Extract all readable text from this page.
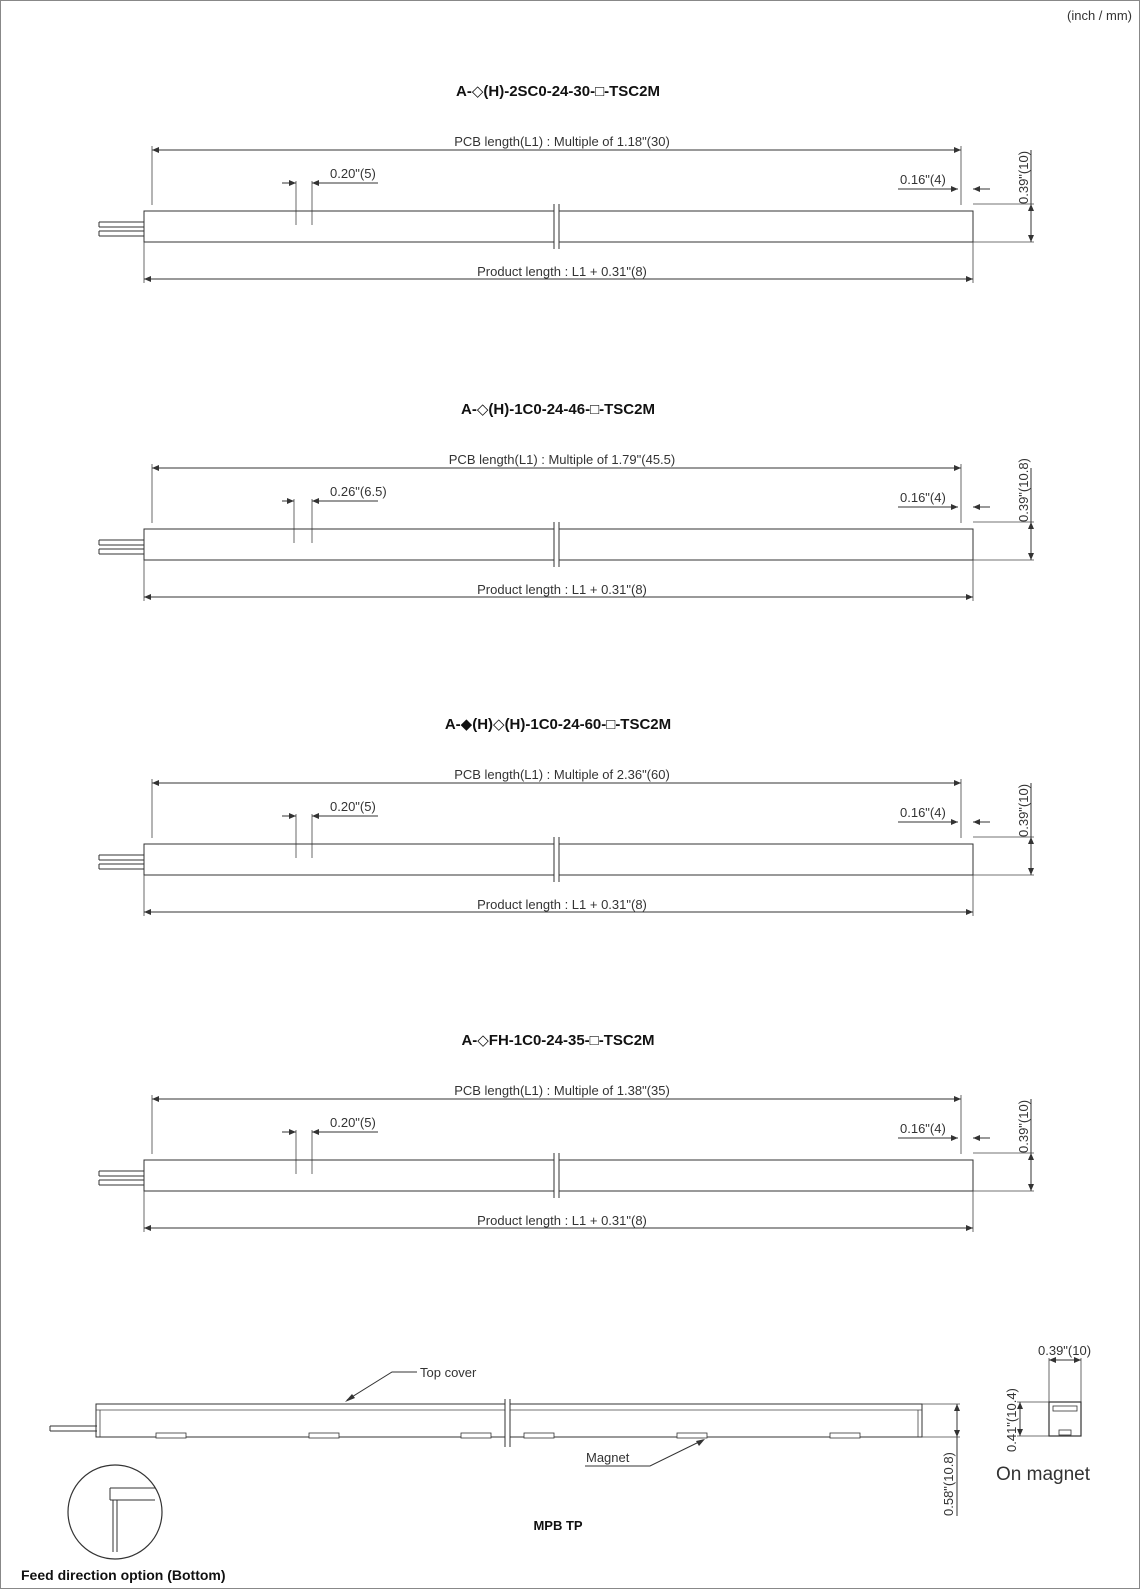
(inch / mm)
A-◇(H)-2SC0-24-30-□-TSC2M
PCB length(L1) : Multiple of 1.18"(30)
0.20"(5)	0.16"(4)	0.39"(10)
Product length : L1 + 0.31"(8)
A-◇(H)-1C0-24-46-□-TSC2M
PCB length(L1) : Multiple of 1.79"(45.5)
0.26"(6.5)	0.16"(4)	0.39"(10.8)
Product length : L1 + 0.31"(8)
A-◆(H)◇(H)-1C0-24-60-□-TSC2M
PCB length(L1) : Multiple of 2.36"(60)
0.20"(5)	0.16"(4)	0.39"(10)
Product length : L1 + 0.31"(8)
A-◇FH-1C0-24-35-□-TSC2M
PCB length(L1) : Multiple of 1.38"(35)
0.20"(5)	0.16"(4)	0.39"(10)
Product length : L1 + 0.31"(8)
Top cover
Magnet	0.58"(10.8)
0.39"(10)
0.41"(10.4)
On magnet
Feed direction option (Bottom)
MPB TP
